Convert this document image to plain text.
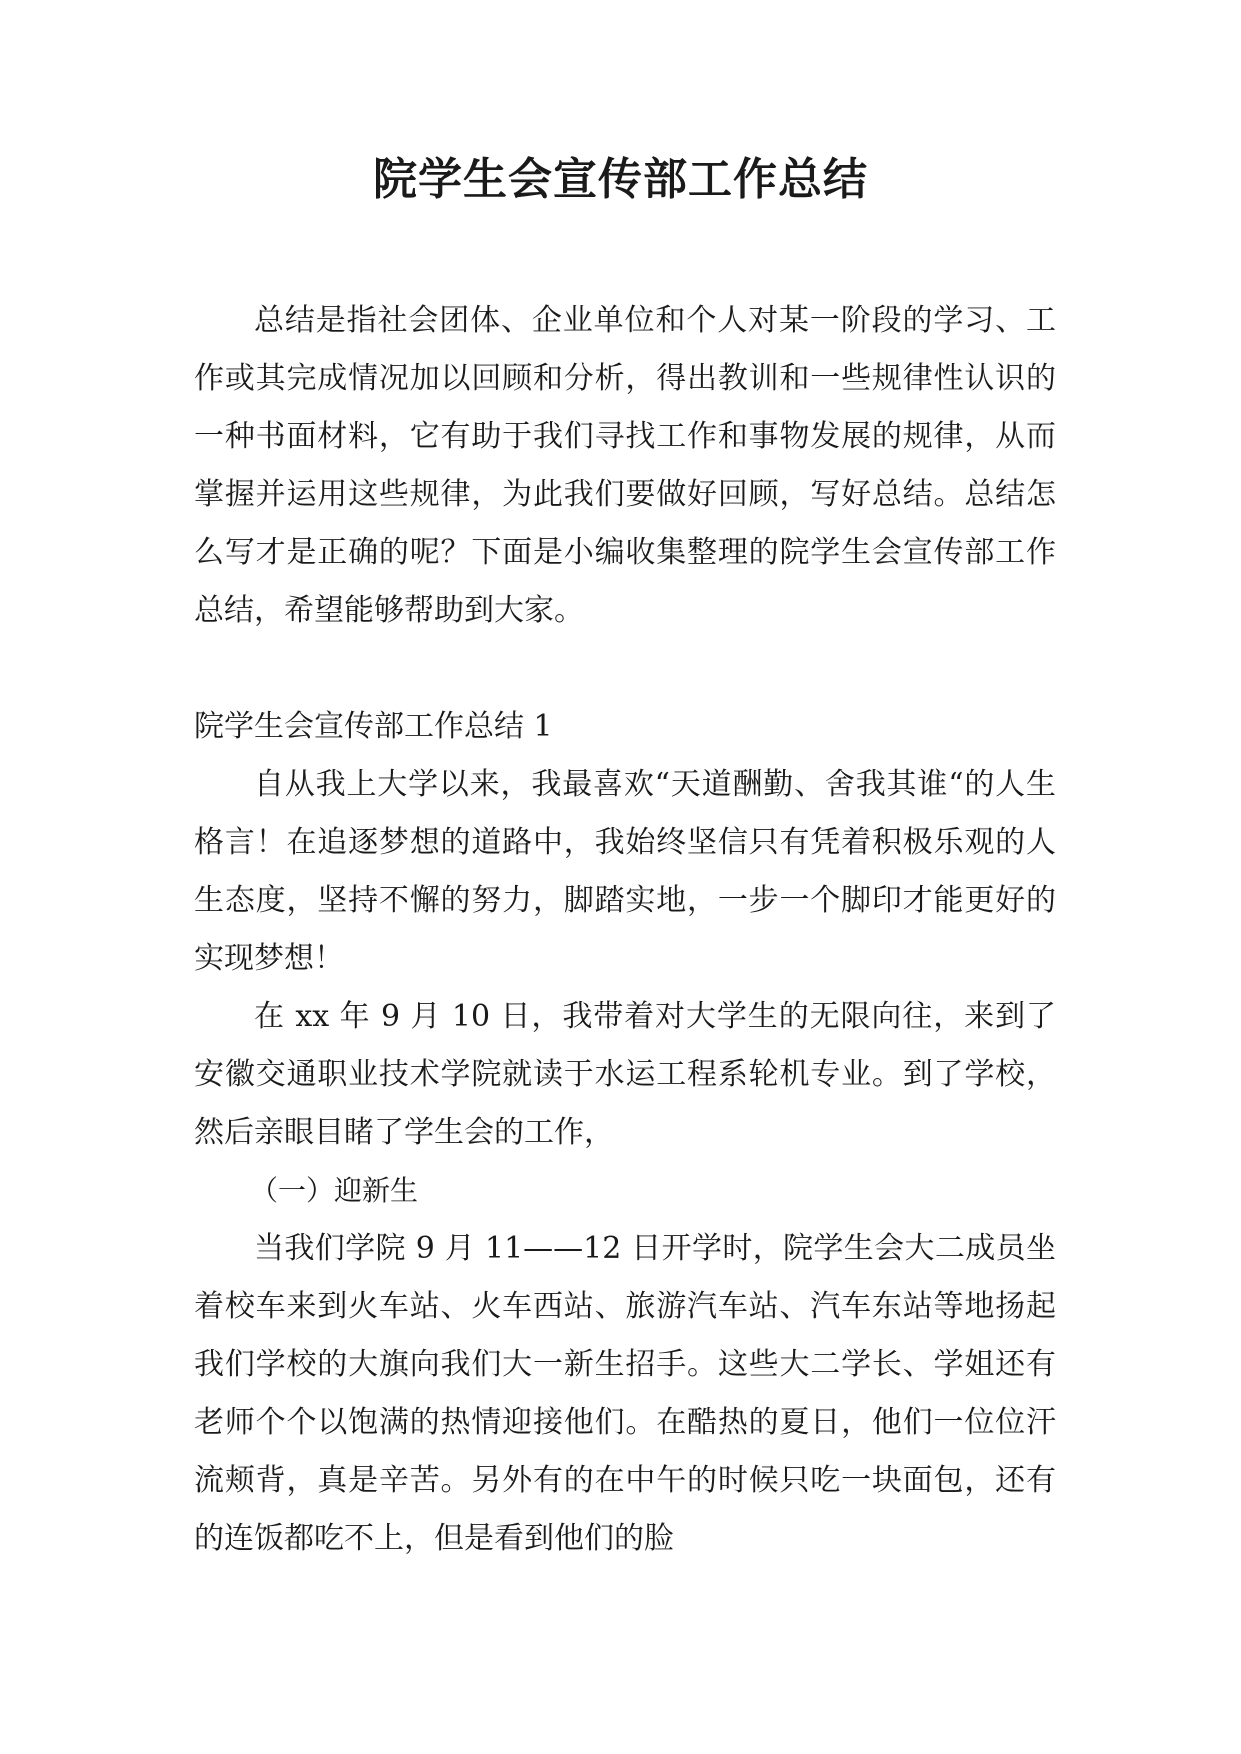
院学生会宣传部工作总结

总结是指社会团体、企业单位和个人对某一阶段的学习、工作或其完成情况加以回顾和分析，得出教训和一些规律性认识的一种书面材料，它有助于我们寻找工作和事物发展的规律，从而掌握并运用这些规律，为此我们要做好回顾，写好总结。总结怎么写才是正确的呢？下面是小编收集整理的院学生会宣传部工作总结，希望能够帮助到大家。

院学生会宣传部工作总结 1

自从我上大学以来，我最喜欢“天道酬勤、舍我其谁“的人生格言！在追逐梦想的道路中，我始终坚信只有凭着积极乐观的人生态度，坚持不懈的努力，脚踏实地，一步一个脚印才能更好的实现梦想！

在 xx 年 9 月 10 日，我带着对大学生的无限向往，来到了安徽交通职业技术学院就读于水运工程系轮机专业。到了学校，然后亲眼目睹了学生会的工作，

（一）迎新生

当我们学院 9 月 11——12 日开学时，院学生会大二成员坐着校车来到火车站、火车西站、旅游汽车站、汽车东站等地扬起我们学校的大旗向我们大一新生招手。这些大二学长、学姐还有老师个个以饱满的热情迎接他们。在酷热的夏日，他们一位位汗流颊背，真是辛苦。另外有的在中午的时候只吃一块面包，还有的连饭都吃不上，但是看到他们的脸
